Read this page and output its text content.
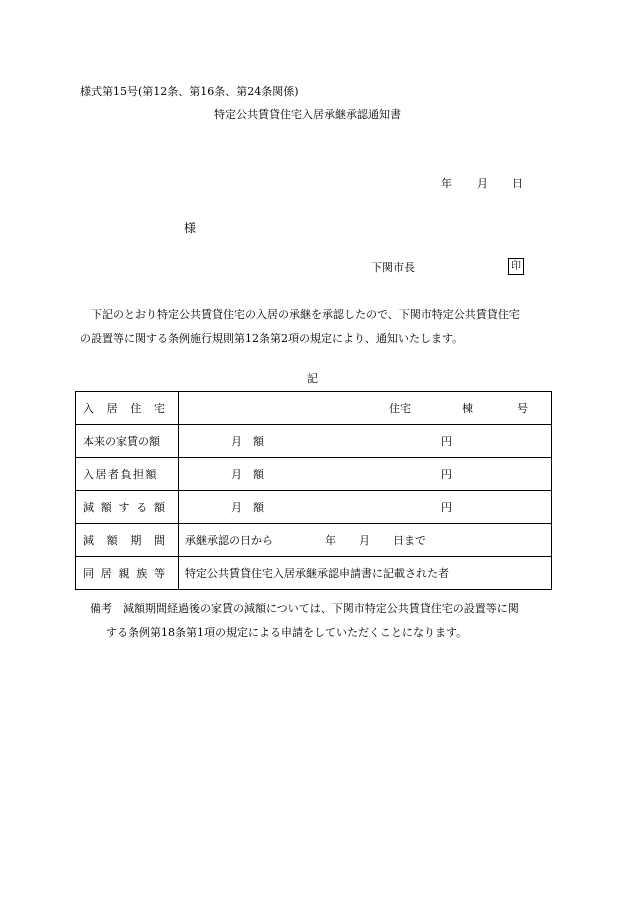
様式第15号(第12条、第16条、第24条関係)
特定公共賃貸住宅入居承継承認通知書
年 月 日
様
下関市長	印

　下記のとおり特定公共賃貸住宅の入居の承継を承認したので、下関市特定公共賃貸住宅

の設置等に関する条例施行規則第12条第2項の規定により、通知いたします。

記
入 居 住 宅	住宅 棟 号

本来の家賃の額	月　額 円

入居者負担額	月　額 円

減 額 す る 額	月　額 円

減 額 期 間	承継承認の日から 年 月 日まで

同 居 親 族 等	特定公共賃貸住宅入居承継承認申請書に記載された者
備考 減額期間経過後の家賃の減額については、下関市特定公共賃貸住宅の設置等に関
する条例第18条第1項の規定による申請をしていただくことになります。
